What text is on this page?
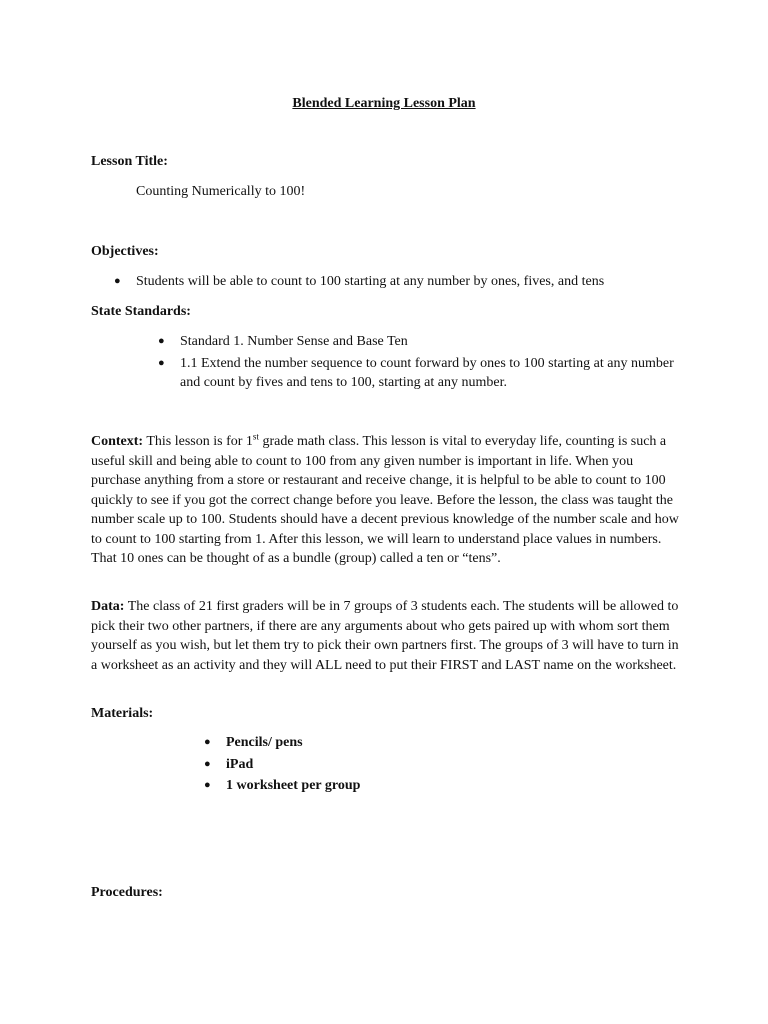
Blended Learning Lesson Plan
Lesson Title:
Counting Numerically to 100!
Objectives:
● Students will be able to count to 100 starting at any number by ones, fives, and tens
State Standards:
● Standard 1. Number Sense and Base Ten
● 1.1 Extend the number sequence to count forward by ones to 100 starting at any number and count by fives and tens to 100, starting at any number.
Context: This lesson is for 1st grade math class. This lesson is vital to everyday life, counting is such a useful skill and being able to count to 100 from any given number is important in life. When you purchase anything from a store or restaurant and receive change, it is helpful to be able to count to 100 quickly to see if you got the correct change before you leave. Before the lesson, the class was taught the number scale up to 100. Students should have a decent previous knowledge of the number scale and how to count to 100 starting from 1. After this lesson, we will learn to understand place values in numbers. That 10 ones can be thought of as a bundle (group) called a ten or “tens”.
Data: The class of 21 first graders will be in 7 groups of 3 students each. The students will be allowed to pick their two other partners, if there are any arguments about who gets paired up with whom sort them yourself as you wish, but let them try to pick their own partners first. The groups of 3 will have to turn in a worksheet as an activity and they will ALL need to put their FIRST and LAST name on the worksheet.
Materials:
● Pencils/ pens
● iPad
● 1 worksheet per group
Procedures:
